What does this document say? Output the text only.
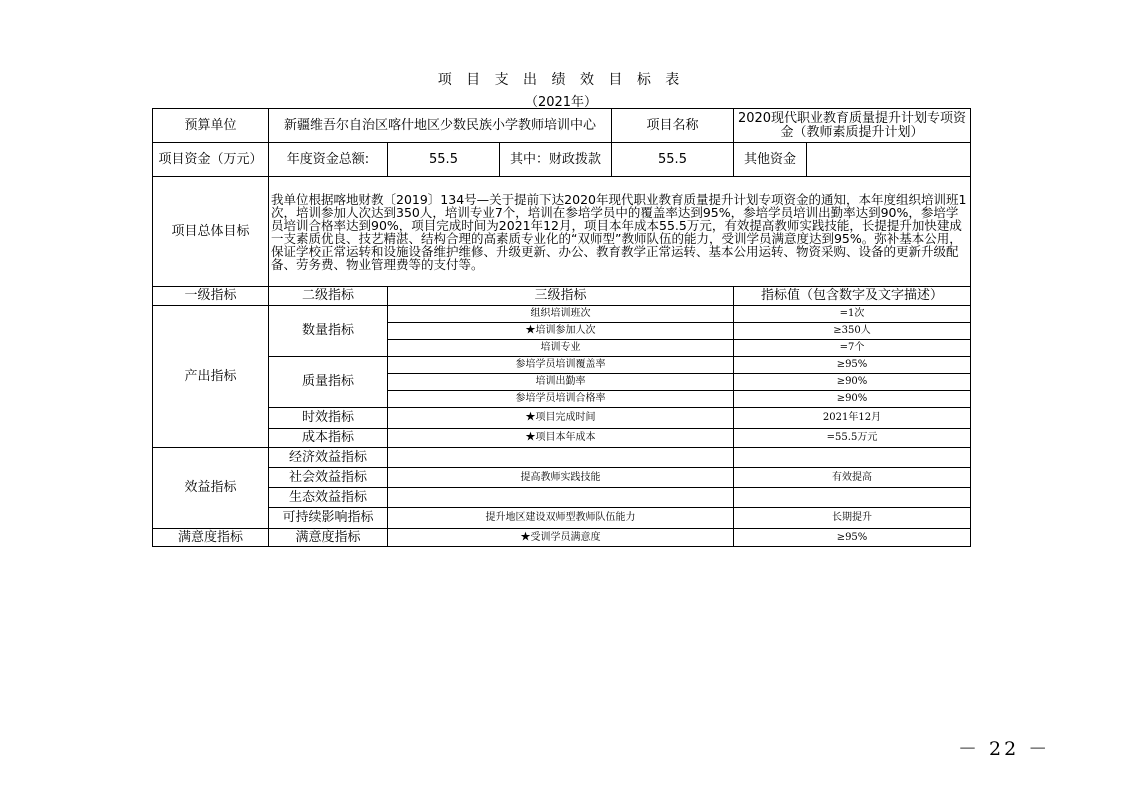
项 目 支 出 绩 效 目 标 表
（2021年）
预算单位	新疆维吾尔自治区喀什地区少数民族小学教师培训中心			项目名称	2020现代职业教育质量提升计划专项资金（教师素质提升计划）	
项目资金（万元）	年度资金总额:	55.5	其中：财政拨款	55.5	其他资金	
项目总体目标	我单位根据喀地财教〔2019〕134号—关于提前下达2020年现代职业教育质量提升计划专项资金的通知，本年度组织培训班1次，培训参加人次达到350人，培训专业7个，培训在参培学员中的覆盖率达到95%，参培学员培训出勤率达到90%，参培学员培训合格率达到90%，项目完成时间为2021年12月，项目本年成本55.5万元，有效提高教师实践技能，长提提升加快建成一支素质优良、技艺精湛、结构合理的高素质专业化的“双师型”教师队伍的能力，受训学员满意度达到95%。弥补基本公用，保证学校正常运转和设施设备维护维修、升级更新、办公、教育教学正常运转、基本公用运转、物资采购、设备的更新升级配备、劳务费、物业管理费等的支付等。					
一级指标	二级指标	三级指标			指标值（包含数字及文字描述）	
产出指标	数量指标	组织培训班次			=1次	
		★培训参加人次			≥350人	
		培训专业			=7个	
	质量指标	参培学员培训覆盖率			≥95%	
		培训出勤率			≥90%	
		参培学员培训合格率			≥90%	
	时效指标	★项目完成时间			2021年12月	
	成本指标	★项目本年成本			=55.5万元	
效益指标	经济效益指标					
	社会效益指标	提高教师实践技能			有效提高	
	生态效益指标					
	可持续影响指标	提升地区建设双师型教师队伍能力			长期提升	
满意度指标	满意度指标	★受训学员满意度			≥95%	
－ 22 －
